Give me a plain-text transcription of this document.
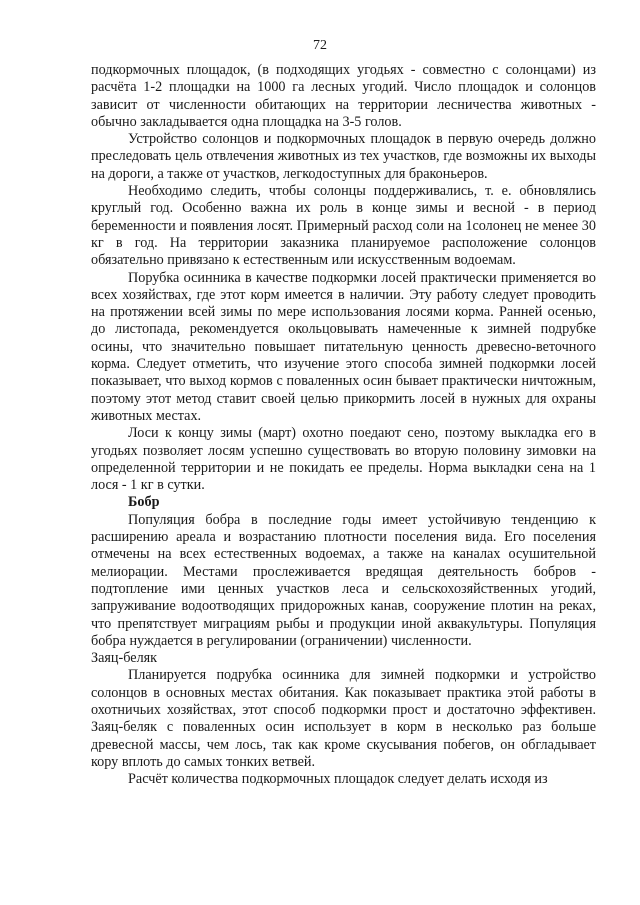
72

подкормочных площадок, (в подходящих угодьях - совместно с солонцами) из расчёта 1-2 площадки на 1000 га лесных угодий. Число площадок и солонцов зависит от численности обитающих на территории лесничества животных - обычно закладывается одна площадка на 3-5 голов.

Устройство солонцов и подкормочных площадок в первую очередь должно преследовать цель отвлечения животных из тех участков, где возможны их выходы на дороги, а также от участков, легкодоступных для браконьеров.

Необходимо следить, чтобы солонцы поддерживались, т. е. обновлялись круглый год. Особенно важна их роль в конце зимы и весной - в период беременности и появления лосят. Примерный расход соли на 1солонец не менее 30 кг в год. На территории заказника планируемое расположение солонцов обязательно привязано к естественным или искусственным водоемам.

Порубка осинника в качестве подкормки лосей практически применяется во всех хозяйствах, где этот корм имеется в наличии. Эту работу следует проводить на протяжении всей зимы по мере использования лосями корма. Ранней осенью, до листопада, рекомендуется окольцовывать намеченные к зимней подрубке осины, что значительно повышает питательную ценность древесно-веточного корма. Следует отметить, что изучение этого способа зимней подкормки лосей показывает, что выход кормов с поваленных осин бывает практически ничтожным, поэтому этот метод ставит своей целью прикормить лосей в нужных для охраны животных местах.

Лоси к концу зимы (март) охотно поедают сено, поэтому выкладка его в угодьях позволяет лосям успешно существовать во вторую половину зимовки на определенной территории и не покидать ее пределы. Норма выкладки сена на 1 лося - 1 кг в сутки.

Бобр

Популяция бобра в последние годы имеет устойчивую тенденцию к расширению ареала и возрастанию плотности поселения вида. Его поселения отмечены на всех естественных водоемах, а также на каналах осушительной мелиорации. Местами прослеживается вредящая деятельность бобров - подтопление ими ценных участков леса и сельскохозяйственных угодий, запруживание водоотводящих придорожных канав, сооружение плотин на реках, что препятствует миграциям рыбы и продукции иной аквакультуры. Популяция бобра нуждается в регулировании (ограничении) численности.

Заяц-беляк

Планируется подрубка осинника для зимней подкормки и устройство солонцов в основных местах обитания. Как показывает практика этой работы в охотничьих хозяйствах, этот способ подкормки прост и достаточно эффективен. Заяц-беляк с поваленных осин использует в корм в несколько раз больше древесной массы, чем лось, так как кроме скусывания побегов, он обгладывает кору вплоть до самых тонких ветвей.

Расчёт количества подкормочных площадок следует делать исходя из
